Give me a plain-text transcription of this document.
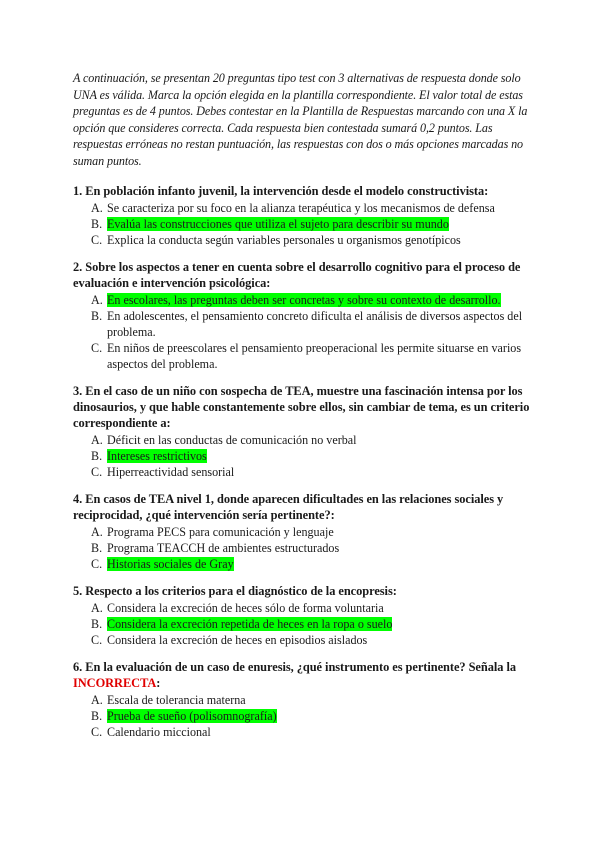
A continuación, se presentan 20 preguntas tipo test con 3 alternativas de respuesta donde solo UNA es válida. Marca la opción elegida en la plantilla correspondiente. El valor total de estas preguntas es de 4 puntos. Debes contestar en la Plantilla de Respuestas marcando con una X la opción que consideres correcta. Cada respuesta bien contestada sumará 0,2 puntos. Las respuestas erróneas no restan puntuación, las respuestas con dos o más opciones marcadas no suman puntos.

1. En población infanto juvenil, la intervención desde el modelo constructivista:
A. Se caracteriza por su foco en la alianza terapéutica y los mecanismos de defensa
B. Evalúa las construcciones que utiliza el sujeto para describir su mundo
C. Explica la conducta según variables personales u organismos genotípicos
2. Sobre los aspectos a tener en cuenta sobre el desarrollo cognitivo para el proceso de evaluación e intervención psicológica:
A. En escolares, las preguntas deben ser concretas y sobre su contexto de desarrollo.
B. En adolescentes, el pensamiento concreto dificulta el análisis de diversos aspectos del problema.
C. En niños de preescolares el pensamiento preoperacional les permite situarse en varios aspectos del problema.
3. En el caso de un niño con sospecha de TEA, muestre una fascinación intensa por los dinosaurios, y que hable constantemente sobre ellos, sin cambiar de tema, es un criterio correspondiente a:
A. Déficit en las conductas de comunicación no verbal
B. Intereses restrictivos
C. Hiperreactividad sensorial
4. En casos de TEA nivel 1, donde aparecen dificultades en las relaciones sociales y reciprocidad, ¿qué intervención sería pertinente?:
A. Programa PECS para comunicación y lenguaje
B. Programa TEACCH de ambientes estructurados
C. Historias sociales de Gray
5. Respecto a los criterios para el diagnóstico de la encopresis:
A. Considera la excreción de heces sólo de forma voluntaria
B. Considera la excreción repetida de heces en la ropa o suelo
C. Considera la excreción de heces en episodios aislados
6. En la evaluación de un caso de enuresis, ¿qué instrumento es pertinente? Señala la
INCORRECTA:
A. Escala de tolerancia materna
B. Prueba de sueño (polisomnografía)
C. Calendario miccional
